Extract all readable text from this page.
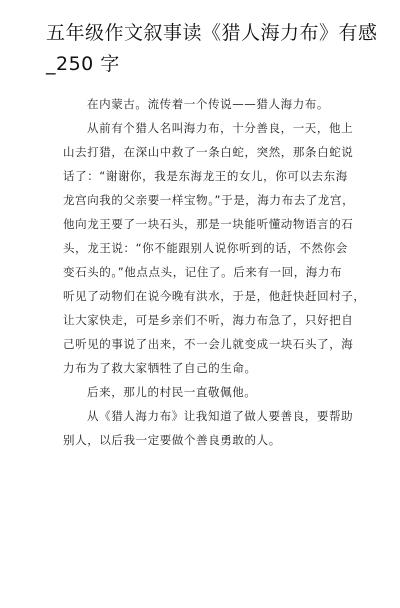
五年级作文叙事读《猎人海力布》有感
_250 字
在内蒙古。流传着一个传说——猎人海力布。
从前有个猎人名叫海力布，十分善良，一天，他上
山去打猎，在深山中救了一条白蛇，突然，那条白蛇说
话了：“谢谢你，我是东海龙王的女儿，你可以去东海
龙宫向我的父亲要一样宝物。”于是，海力布去了龙宫，
他向龙王要了一块石头，那是一块能听懂动物语言的石
头，龙王说：“你不能跟别人说你听到的话，不然你会
变石头的。”他点点头，记住了。后来有一回，海力布
听见了动物们在说今晚有洪水，于是，他赶快赶回村子，
让大家快走，可是乡亲们不听，海力布急了，只好把自
己听见的事说了出来，不一会儿就变成一块石头了，海
力布为了救大家牺牲了自己的生命。
后来，那儿的村民一直敬佩他。
从《猎人海力布》让我知道了做人要善良，要帮助
别人，以后我一定要做个善良勇敢的人。
